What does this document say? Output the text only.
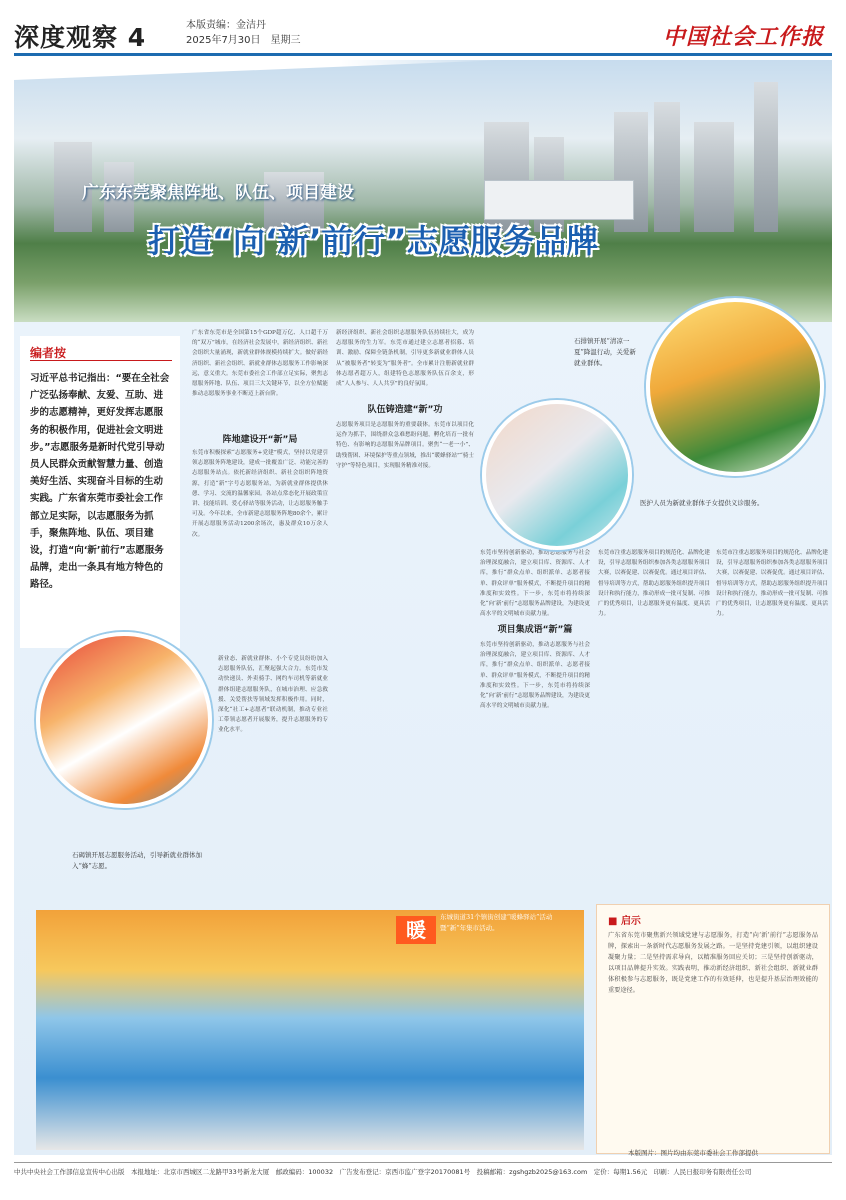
深度观察 4	本版责编：金洁丹
2025年7月30日　星期三	中国社会工作报
广东东莞聚焦阵地、队伍、项目建设
打造“向‘新’前行”志愿服务品牌
编者按
习近平总书记指出：“要在全社会广泛弘扬奉献、友爱、互助、进步的志愿精神，更好发挥志愿服务的积极作用，促进社会文明进步。”志愿服务是新时代党引导动员人民群众贡献智慧力量、创造美好生活、实现奋斗目标的生动实践。广东省东莞市委社会工作部立足实际，以志愿服务为抓手，聚焦阵地、队伍、项目建设，打造“向‘新’前行”志愿服务品牌，走出一条具有地方特色的路径。
广东省东莞市是全国第15个GDP超万亿、人口超千万的“双万”城市，在经济社会发展中，新经济组织、新社会组织大量涌现，新就业群体规模持续扩大。做好新经济组织、新社会组织、新就业群体志愿服务工作影响深远，意义重大。东莞市委社会工作部立足实际，聚焦志愿服务阵地、队伍、项目三大关键环节，以全方位赋能推动志愿服务事业不断迈上新台阶。
阵地建设开“新”局
东莞市积极探索“志愿服务+党建”模式，坚持以党建引领志愿服务阵地建设，建成一批覆盖广泛、功能完善的志愿服务站点。依托新经济组织、新社会组织阵地资源，打造“新”字号志愿服务站，为新就业群体提供休憩、学习、交流的温馨家园。各站点常态化开展政策宣讲、技能培训、爱心驿站等服务活动，让志愿服务触手可及。今年以来，全市新建志愿服务阵地80余个，累计开展志愿服务活动1200余场次，惠及群众10万余人次。
新业态、新就业群体、小个专党员纷纷加入志愿服务队伍，汇聚起强大合力。东莞市发动快递员、外卖骑手、网约车司机等新就业群体组建志愿服务队，在城市治理、应急救援、关爱帮扶等领域发挥积极作用。同时，深化“社工+志愿者”联动机制，推动专业社工带领志愿者开展服务，提升志愿服务的专业化水平。
新经济组织、新社会组织志愿服务队伍持续壮大，成为志愿服务的生力军。东莞市通过建立志愿者招募、培训、激励、保障全链条机制，引导更多新就业群体人员从“被服务者”转变为“服务者”。全市累计注册新就业群体志愿者超万人，组建特色志愿服务队伍百余支，形成“人人参与、人人共享”的良好氛围。
队伍铸造建“新”功
志愿服务项目是志愿服务的重要载体。东莞市以项目化运作为抓手，围绕群众急难愁盼问题，孵化培育一批有特色、有影响的志愿服务品牌项目。聚焦“一老一小”、助残帮困、环境保护等重点领域，推出“暖蜂驿站”“骑士守护”等特色项目，实现服务精准对接。
东莞市坚持创新驱动，推动志愿服务与社会治理深度融合，建立项目库、资源库、人才库，推行“群众点单、组织派单、志愿者接单、群众评单”服务模式，不断提升项目的精准度和实效性。下一步，东莞市将持续深化“向‘新’前行”志愿服务品牌建设，为建设更高水平的文明城市贡献力量。
项目集成语“新”篇
东莞市坚持创新驱动，推动志愿服务与社会治理深度融合，建立项目库、资源库、人才库，推行“群众点单、组织派单、志愿者接单、群众评单”服务模式，不断提升项目的精准度和实效性。下一步，东莞市将持续深化“向‘新’前行”志愿服务品牌建设，为建设更高水平的文明城市贡献力量。
东莞市注重志愿服务项目的规范化、品牌化建设，引导志愿服务组织参加各类志愿服务项目大赛，以赛促建、以赛促优。通过项目评估、督导培训等方式，帮助志愿服务组织提升项目设计和执行能力，推动形成一批可复制、可推广的优秀项目，让志愿服务更有温度、更具活力。
东莞市注重志愿服务项目的规范化、品牌化建设，引导志愿服务组织参加各类志愿服务项目大赛，以赛促建、以赛促优。通过项目评估、督导培训等方式，帮助志愿服务组织提升项目设计和执行能力，推动形成一批可复制、可推广的优秀项目，让志愿服务更有温度、更具活力。
石排镇开展“清凉一夏”降温行动，关爱新就业群体。
医护人员为新就业群体子女提供义诊服务。
石碣镇开展志愿服务活动，引导新就业群体加入“蜂”志愿。
暖
东城街道31个镇街创建“暖蜂驿站”活动暨“新”年集市活动。
■ 启示
广东省东莞市聚焦新兴领域党建与志愿服务，打造“向‘新’前行”志愿服务品牌，探索出一条新时代志愿服务发展之路。一是坚持党建引领，以组织建设凝聚力量；二是坚持需求导向，以精准服务回应关切；三是坚持创新驱动，以项目品牌提升实效。实践表明，推动新经济组织、新社会组织、新就业群体积极参与志愿服务，既是党建工作的有效延伸，也是提升基层治理效能的重要途径。
本版图片：图片均由东莞市委社会工作部提供
中共中央社会工作部信息宣传中心出版　本报地址：北京市西城区二龙路甲33号新龙大厦　邮政编码：100032　广告发布登记：京西市监广登字20170081号　投稿邮箱：zgshgzb2025@163.com　定价：每期1.56元　印刷：人民日报印务有限责任公司
